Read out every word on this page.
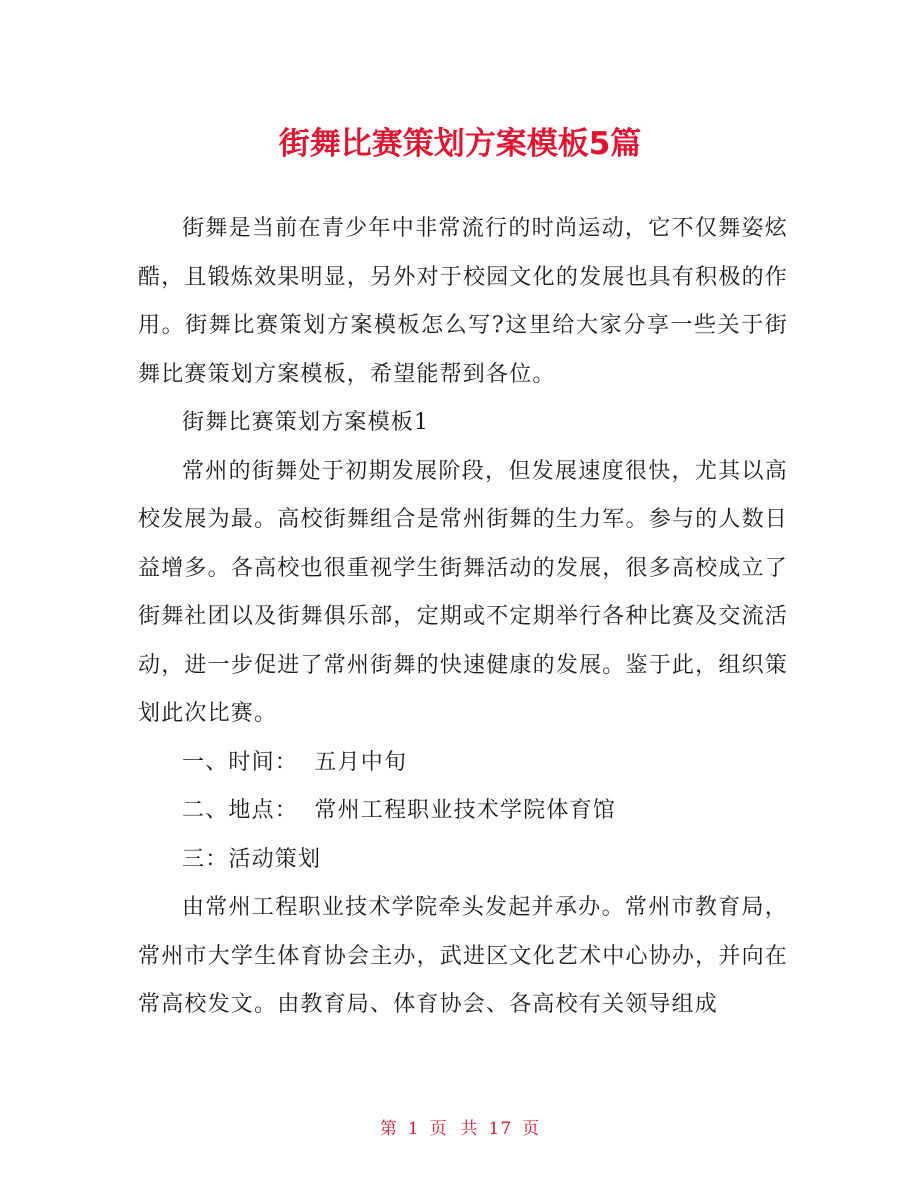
街舞比赛策划方案模板5篇

街舞是当前在青少年中非常流行的时尚运动，它不仅舞姿炫酷，且锻炼效果明显，另外对于校园文化的发展也具有积极的作用。街舞比赛策划方案模板怎么写?这里给大家分享一些关于街舞比赛策划方案模板，希望能帮到各位。

街舞比赛策划方案模板1

常州的街舞处于初期发展阶段，但发展速度很快，尤其以高校发展为最。高校街舞组合是常州街舞的生力军。参与的人数日益增多。各高校也很重视学生街舞活动的发展，很多高校成立了街舞社团以及街舞俱乐部，定期或不定期举行各种比赛及交流活动，进一步促进了常州街舞的快速健康的发展。鉴于此，组织策划此次比赛。

一、时间：  五月中旬

二、地点：  常州工程职业技术学院体育馆

三：活动策划

由常州工程职业技术学院牵头发起并承办。常州市教育局，常州市大学生体育协会主办，武进区文化艺术中心协办，并向在常高校发文。由教育局、体育协会、各高校有关领导组成

第 1 页  共 17 页
